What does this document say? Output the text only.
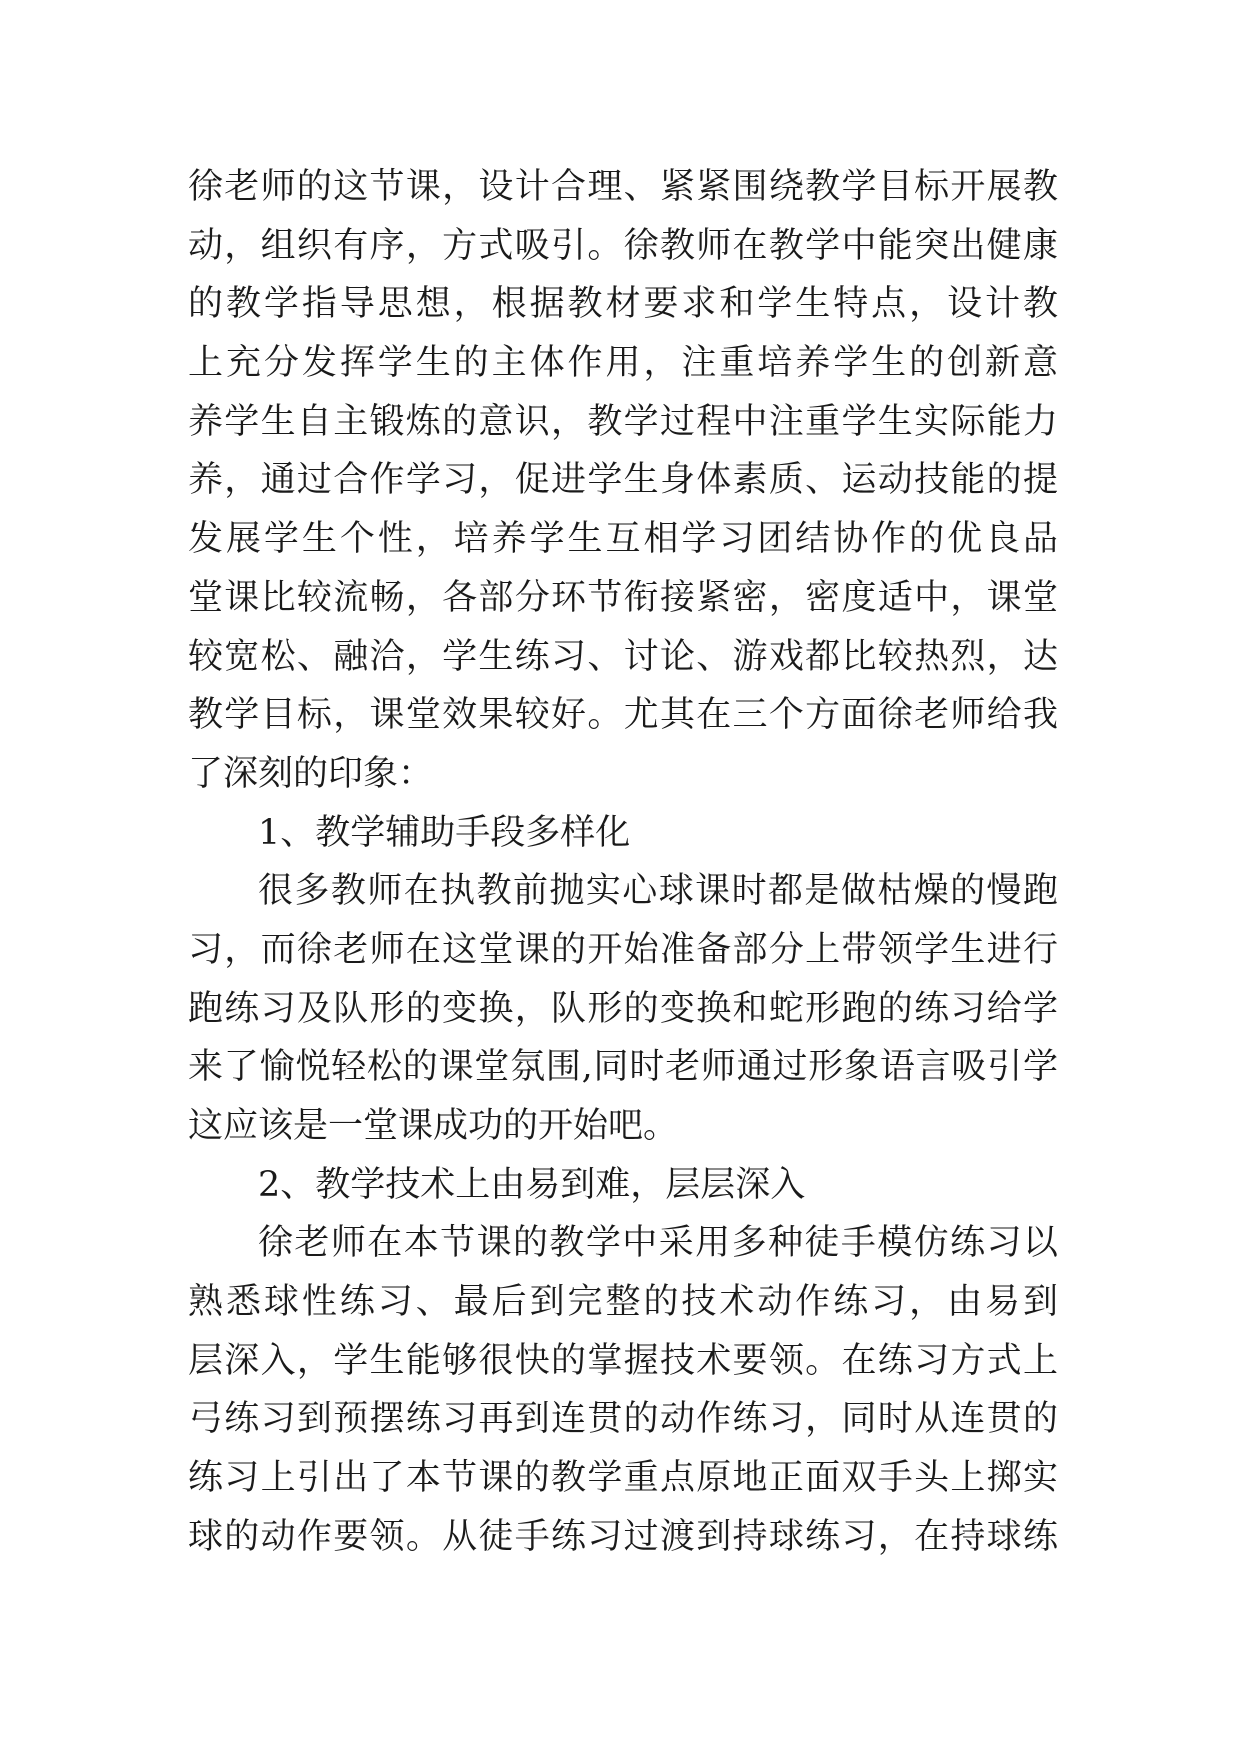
徐老师的这节课，设计合理、紧紧围绕教学目标开展教
动，组织有序，方式吸引。徐教师在教学中能突出健康
的教学指导思想，根据教材要求和学生特点，设计教
上充分发挥学生的主体作用，注重培养学生的创新意
养学生自主锻炼的意识，教学过程中注重学生实际能力
养，通过合作学习，促进学生身体素质、运动技能的提
发展学生个性，培养学生互相学习团结协作的优良品
堂课比较流畅，各部分环节衔接紧密，密度适中，课堂
较宽松、融洽，学生练习、讨论、游戏都比较热烈，达
教学目标，课堂效果较好。尤其在三个方面徐老师给我
了深刻的印象：
1、教学辅助手段多样化
很多教师在执教前抛实心球课时都是做枯燥的慢跑
习，而徐老师在这堂课的开始准备部分上带领学生进行
跑练习及队形的变换，队形的变换和蛇形跑的练习给学
来了愉悦轻松的课堂氛围,同时老师通过形象语言吸引学
这应该是一堂课成功的开始吧。
2、教学技术上由易到难，层层深入
徐老师在本节课的教学中采用多种徒手模仿练习以
熟悉球性练习、最后到完整的技术动作练习，由易到
层深入，学生能够很快的掌握技术要领。在练习方式上
弓练习到预摆练习再到连贯的动作练习，同时从连贯的
练习上引出了本节课的教学重点原地正面双手头上掷实
球的动作要领。从徒手练习过渡到持球练习，在持球练
